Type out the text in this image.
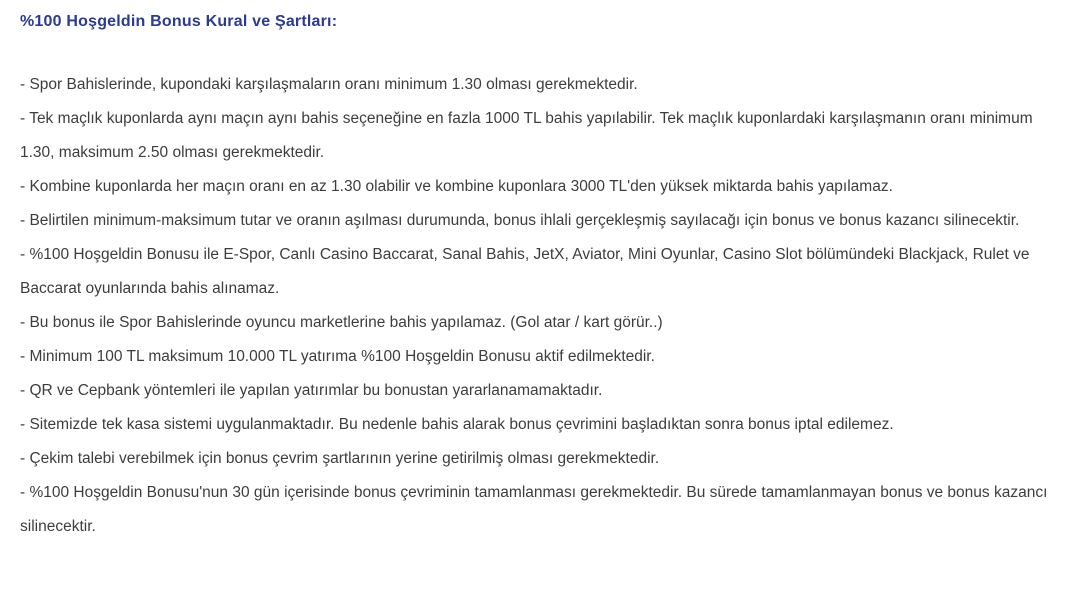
%100 Hoşgeldin Bonus Kural ve Şartları:
- Spor Bahislerinde, kupondaki karşılaşmaların oranı minimum 1.30 olması gerekmektedir.
- Tek maçlık kuponlarda aynı maçın aynı bahis seçeneğine en fazla 1000 TL bahis yapılabilir. Tek maçlık kuponlardaki karşılaşmanın oranı minimum 1.30, maksimum 2.50 olması gerekmektedir.
- Kombine kuponlarda her maçın oranı en az 1.30 olabilir ve kombine kuponlara 3000 TL'den yüksek miktarda bahis yapılamaz.
- Belirtilen minimum-maksimum tutar ve oranın aşılması durumunda, bonus ihlali gerçekleşmiş sayılacağı için bonus ve bonus kazancı silinecektir.
- %100 Hoşgeldin Bonusu ile E-Spor, Canlı Casino Baccarat, Sanal Bahis, JetX, Aviator, Mini Oyunlar, Casino Slot bölümündeki Blackjack, Rulet ve Baccarat oyunlarında bahis alınamaz.
- Bu bonus ile Spor Bahislerinde oyuncu marketlerine bahis yapılamaz. (Gol atar / kart görür..)
- Minimum 100 TL maksimum 10.000 TL yatırıma %100 Hoşgeldin Bonusu aktif edilmektedir.
- QR ve Cepbank yöntemleri ile yapılan yatırımlar bu bonustan yararlanamamaktadır.
- Sitemizde tek kasa sistemi uygulanmaktadır. Bu nedenle bahis alarak bonus çevrimini başladıktan sonra bonus iptal edilemez.
- Çekim talebi verebilmek için bonus çevrim şartlarının yerine getirilmiş olması gerekmektedir.
- %100 Hoşgeldin Bonusu'nun 30 gün içerisinde bonus çevriminin tamamlanması gerekmektedir. Bu sürede tamamlanmayan bonus ve bonus kazancı silinecektir.
